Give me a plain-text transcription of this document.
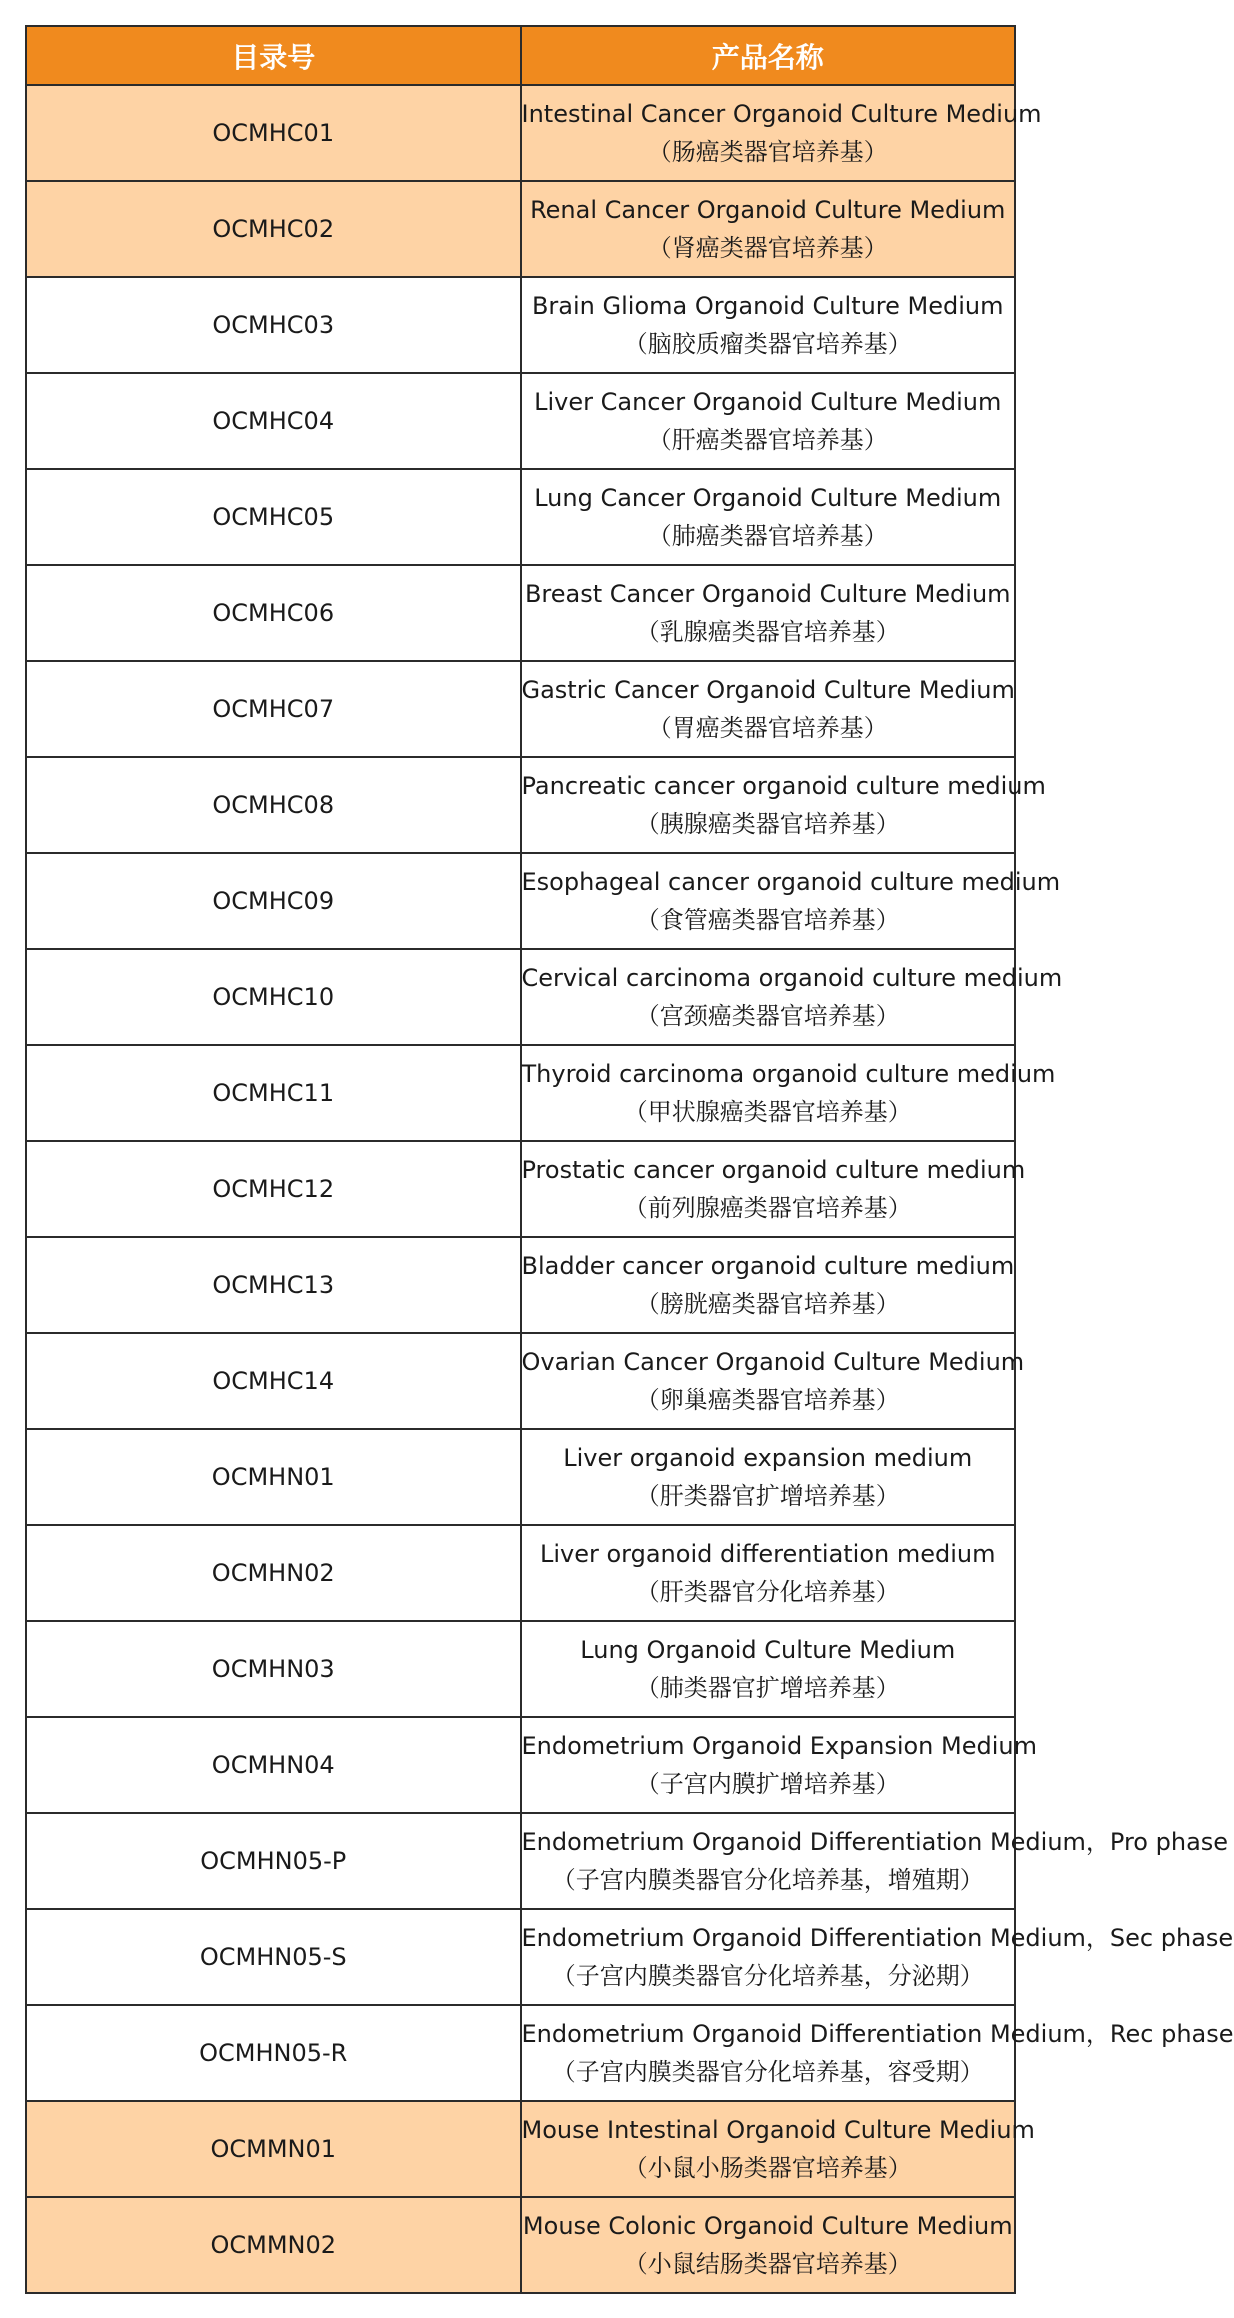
目录号	产品名称
OCMHC01	Intestinal Cancer Organoid Culture Medium
（肠癌类器官培养基）

OCMHC02	Renal Cancer Organoid Culture Medium
（肾癌类器官培养基）

OCMHC03	Brain Glioma Organoid Culture Medium
（脑胶质瘤类器官培养基）

OCMHC04	Liver Cancer Organoid Culture Medium
（肝癌类器官培养基）

OCMHC05	Lung Cancer Organoid Culture Medium
（肺癌类器官培养基）

OCMHC06	Breast Cancer Organoid Culture Medium
（乳腺癌类器官培养基）

OCMHC07	Gastric Cancer Organoid Culture Medium
（胃癌类器官培养基）

OCMHC08	Pancreatic cancer organoid culture medium
（胰腺癌类器官培养基）

OCMHC09	Esophageal cancer organoid culture medium
（食管癌类器官培养基）

OCMHC10	Cervical carcinoma organoid culture medium
（宫颈癌类器官培养基）

OCMHC11	Thyroid carcinoma organoid culture medium
（甲状腺癌类器官培养基）

OCMHC12	Prostatic cancer organoid culture medium
（前列腺癌类器官培养基）

OCMHC13	Bladder cancer organoid culture medium
（膀胱癌类器官培养基）

OCMHC14	Ovarian Cancer Organoid Culture Medium
（卵巢癌类器官培养基）

OCMHN01	Liver organoid expansion medium
（肝类器官扩增培养基）

OCMHN02	Liver organoid differentiation medium
（肝类器官分化培养基）

OCMHN03	Lung Organoid Culture Medium
（肺类器官扩增培养基）

OCMHN04	Endometrium Organoid Expansion Medium
（子宫内膜扩增培养基）

OCMHN05-P	Endometrium Organoid Differentiation Medium，Pro phase
（子宫内膜类器官分化培养基，增殖期）

OCMHN05-S	Endometrium Organoid Differentiation Medium，Sec phase
（子宫内膜类器官分化培养基，分泌期）

OCMHN05-R	Endometrium Organoid Differentiation Medium，Rec phase
（子宫内膜类器官分化培养基，容受期）

OCMMN01	Mouse Intestinal Organoid Culture Medium
（小鼠小肠类器官培养基）

OCMMN02	Mouse Colonic Organoid Culture Medium
（小鼠结肠类器官培养基）
